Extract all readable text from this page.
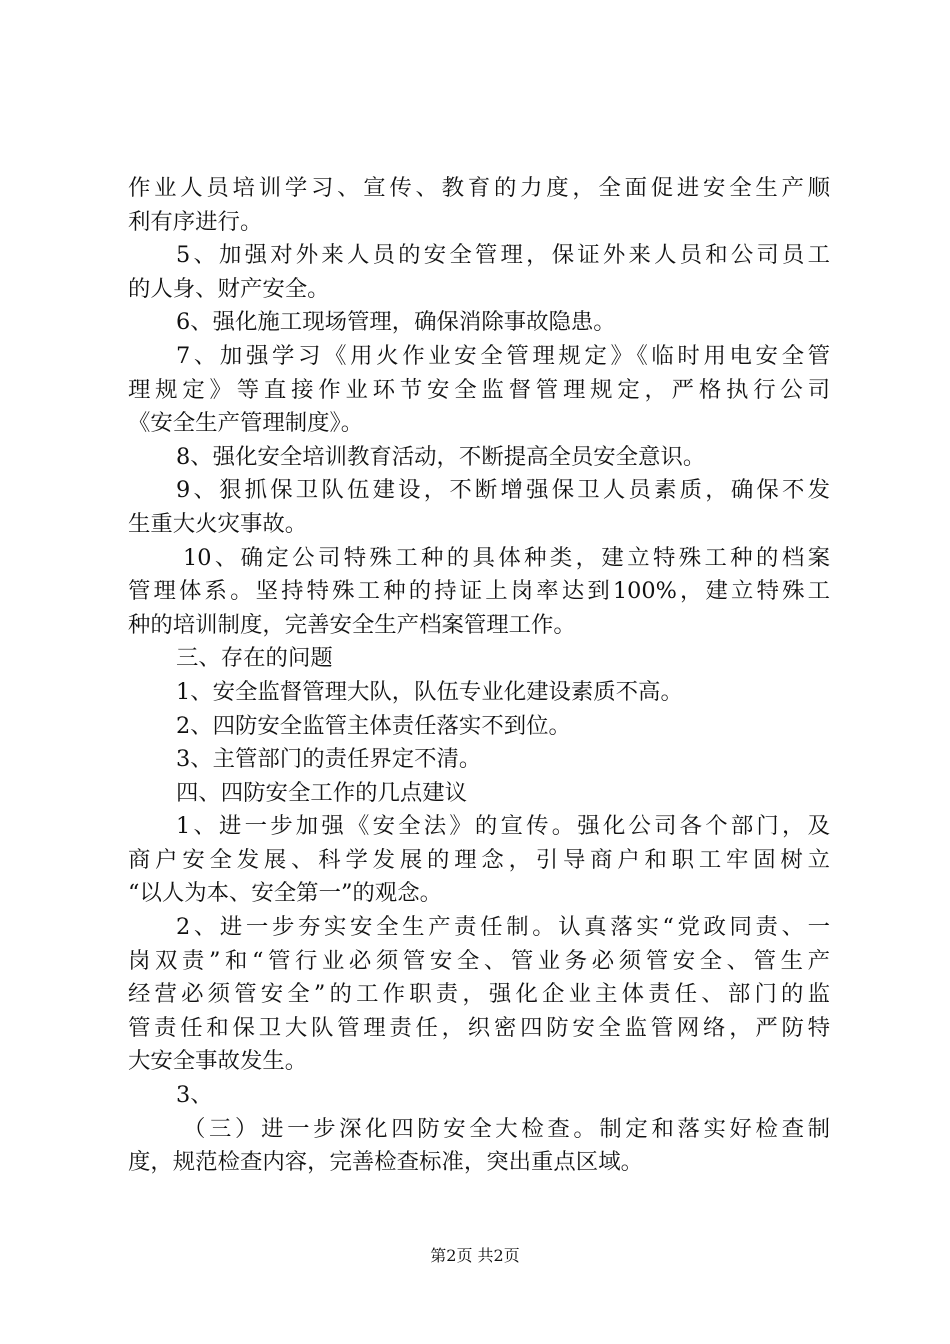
作业人员培训学习、宣传、教育的力度，全面促进安全生产顺
利有序进行。
5、加强对外来人员的安全管理，保证外来人员和公司员工
的人身、财产安全。
6、强化施工现场管理，确保消除事故隐患。
7、加强学习《用火作业安全管理规定》《临时用电安全管
理规定》等直接作业环节安全监督管理规定，严格执行公司
《安全生产管理制度》。
8、强化安全培训教育活动，不断提高全员安全意识。
9、狠抓保卫队伍建设，不断增强保卫人员素质，确保不发
生重大火灾事故。
10、确定公司特殊工种的具体种类，建立特殊工种的档案
管理体系。坚持特殊工种的持证上岗率达到100%，建立特殊工
种的培训制度，完善安全生产档案管理工作。
三、存在的问题
1、安全监督管理大队，队伍专业化建设素质不高。
2、四防安全监管主体责任落实不到位。
3、主管部门的责任界定不清。
四、四防安全工作的几点建议
1、进一步加强《安全法》的宣传。强化公司各个部门，及
商户安全发展、科学发展的理念，引导商户和职工牢固树立
“以人为本、安全第一”的观念。
2、进一步夯实安全生产责任制。认真落实“党政同责、一
岗双责”和“管行业必须管安全、管业务必须管安全、管生产
经营必须管安全”的工作职责，强化企业主体责任、部门的监
管责任和保卫大队管理责任，织密四防安全监管网络，严防特
大安全事故发生。
3、
（三）进一步深化四防安全大检查。制定和落实好检查制
度，规范检查内容，完善检查标准，突出重点区域。
第2页 共2页
